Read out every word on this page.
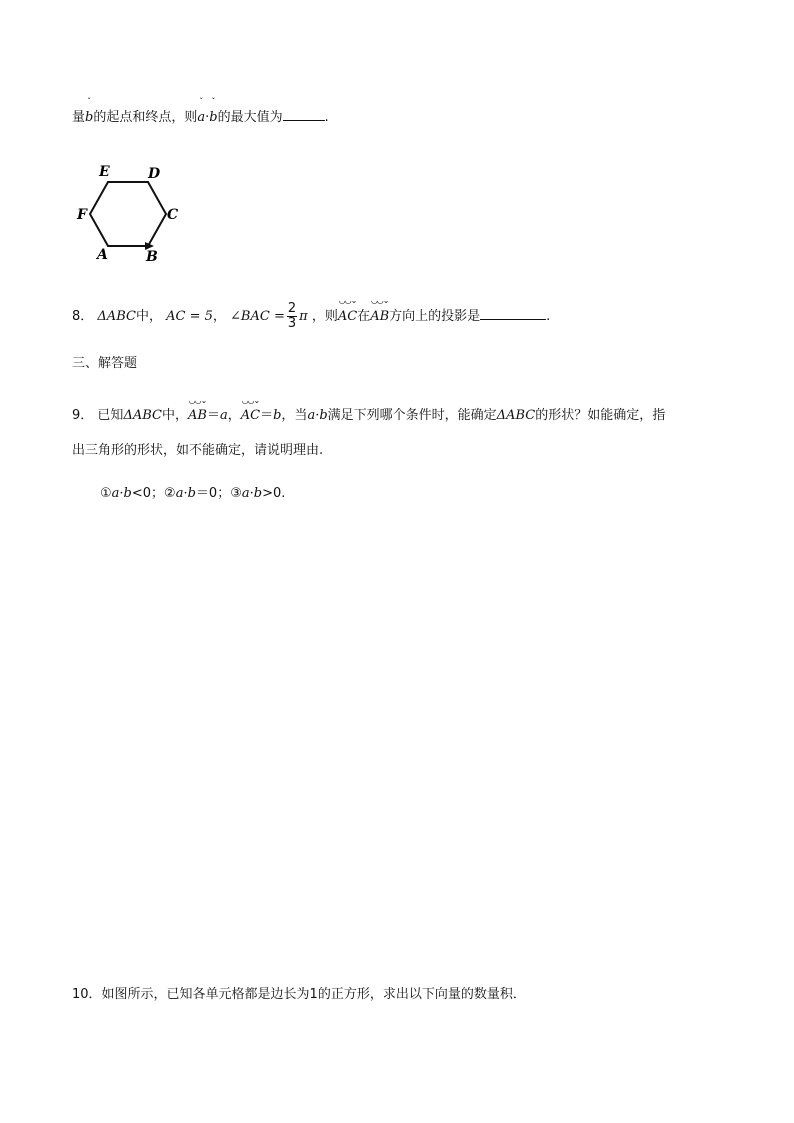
量
ˇ
b的起点和终点，则
ˇ
a·
ˇ
b的最大值为	.
E	D
F	C
A	B
8． ΔABC中， AC = 5， ∠BAC = $\frac{2}{3}$ π ，则
◡◡⌄
AC在
◡◡⌄
AB方向上的投影是	.
三、解答题
9． 已知ΔABC中，
◡◡⌄
AB＝a，
◡◡⌄
AC＝b，当a·b满足下列哪个条件时，能确定ΔABC的形状？如能确定，指
出三角形的形状，如不能确定，请说明理由.
①a·b<0；②a·b＝0；③a·b>0.
10．如图所示，已知各单元格都是边长为1的正方形，求出以下向量的数量积．
